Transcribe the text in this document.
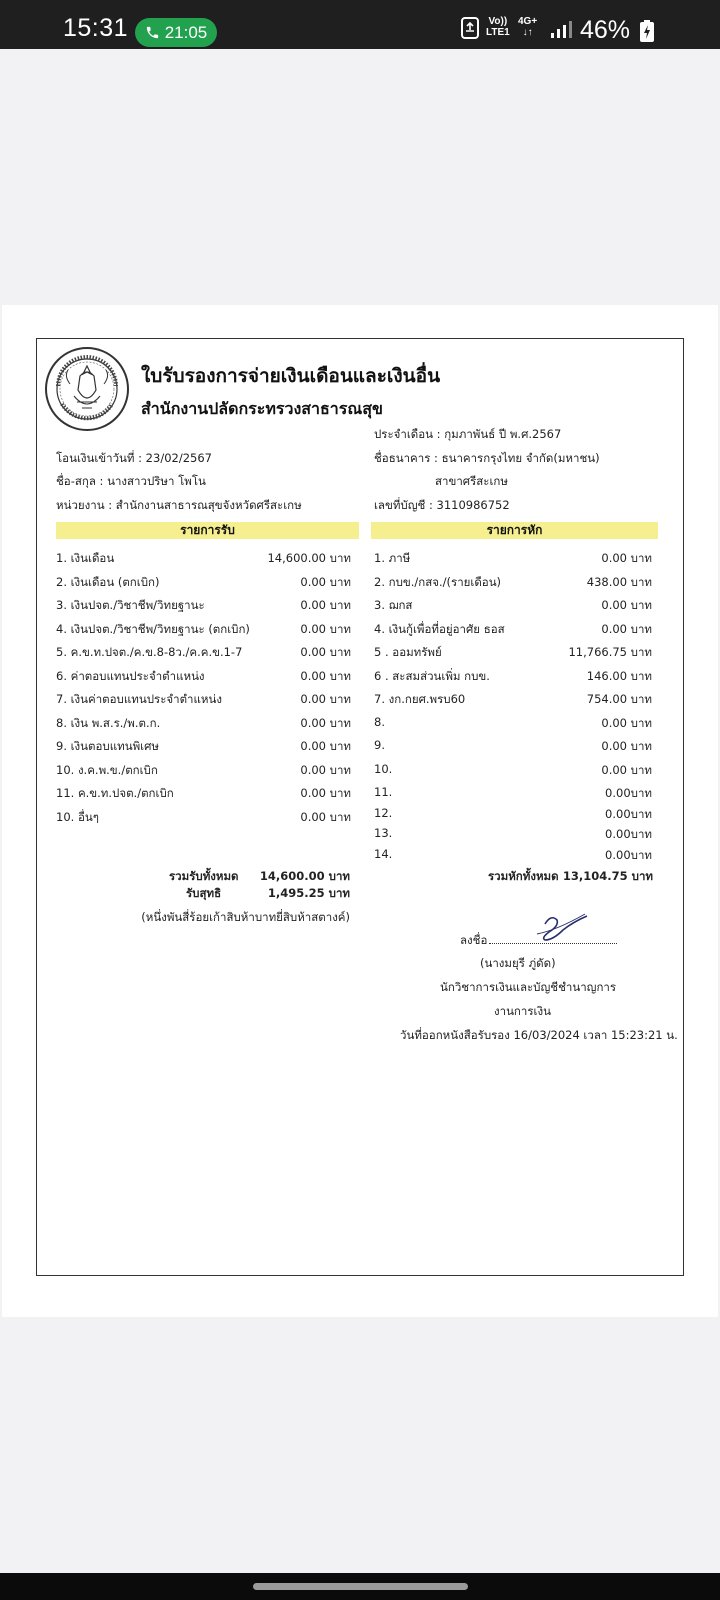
15:31 21:05
Vo))
LTE1
4G+
↓↑ 46%
ใบรับรองการจ่ายเงินเดือนและเงินอื่น
สำนักงานปลัดกระทรวงสาธารณสุข
โอนเงินเข้าวันที่ : 23/02/2567
ชื่อ-สกุล : นางสาวปริษา โพโน
หน่วยงาน : สำนักงานสาธารณสุขจังหวัดศรีสะเกษ
ประจำเดือน : กุมภาพันธ์ ปี พ.ศ.2567
ชื่อธนาคาร : ธนาคารกรุงไทย จำกัด(มหาชน)
สาขาศรีสะเกษ
เลขที่บัญชี : 3110986752
รายการรับ	รายการหัก
1. เงินเดือน	14,600.00 บาท
2. เงินเดือน (ตกเบิก)	0.00 บาท
3. เงินปจต./วิชาชีพ/วิทยฐานะ	0.00 บาท
4. เงินปจต./วิชาชีพ/วิทยฐานะ (ตกเบิก)	0.00 บาท
5. ค.ข.ท.ปจต./ค.ข.8-8ว./ค.ค.ข.1-7	0.00 บาท
6. ค่าตอบแทนประจำตำแหน่ง	0.00 บาท
7. เงินค่าตอบแทนประจำตำแหน่ง	0.00 บาท
8. เงิน พ.ส.ร./พ.ต.ก.	0.00 บาท
9. เงินตอบแทนพิเศษ	0.00 บาท
10. ง.ค.พ.ข./ตกเบิก	0.00 บาท
11. ค.ข.ท.ปจต./ตกเบิก	0.00 บาท
10. อื่นๆ	0.00 บาท
1. ภาษี	0.00 บาท
2. กบข./กสจ./(รายเดือน)	438.00 บาท
3. ฌกส	0.00 บาท
4. เงินกู้เพื่อที่อยู่อาศัย ธอส	0.00 บาท
5 . ออมทรัพย์	11,766.75 บาท
6 . สะสมส่วนเพิ่ม กบข.	146.00 บาท
7. งก.กยศ.พรบ60	754.00 บาท
8.	0.00 บาท
9.	0.00 บาท
10.	0.00 บาท
11.	0.00บาท
12.	0.00บาท
13.	0.00บาท
14.	0.00บาท
รวมรับทั้งหมด 14,600.00 บาท
รับสุทธิ	1,495.25 บาท
(หนึ่งพันสี่ร้อยเก้าสิบห้าบาทยี่สิบห้าสตางค์)
รวมหักทั้งหมด 13,104.75 บาท
ลงชื่อ
(นางมยุรี ภู่ดัด)
นักวิชาการเงินและบัญชีชำนาญการ
งานการเงิน
วันที่ออกหนังสือรับรอง 16/03/2024 เวลา 15:23:21 น.
